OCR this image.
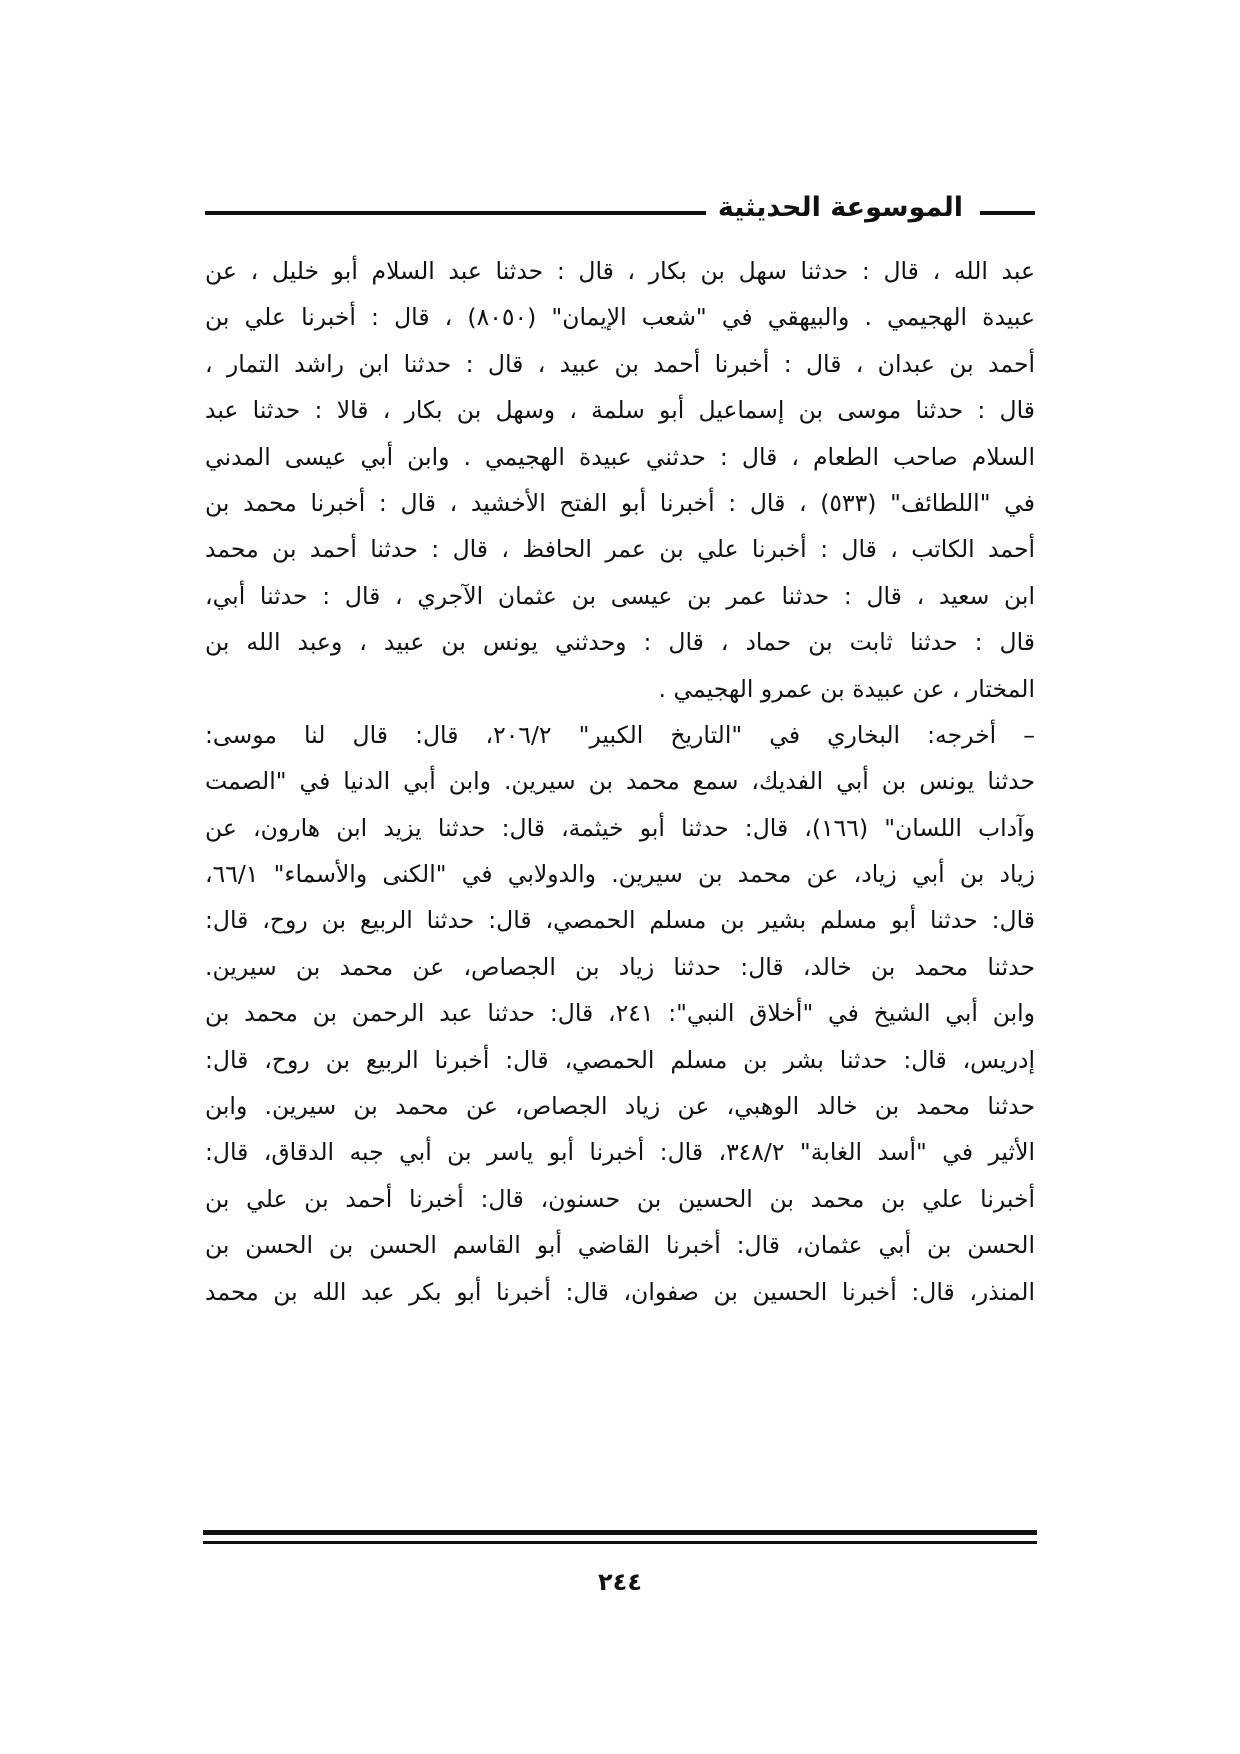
الموسوعة الحديثية
عبد الله ، قال : حدثنا سهل بن بكار ، قال : حدثنا عبد السلام أبو خليل ، عن
عبيدة الهجيمي . والبيهقي في "شعب الإيمان" (٨٠٥٠) ، قال : أخبرنا علي بن
أحمد بن عبدان ، قال : أخبرنا أحمد بن عبيد ، قال : حدثنا ابن راشد التمار ،
قال : حدثنا موسى بن إسماعيل أبو سلمة ، وسهل بن بكار ، قالا : حدثنا عبد
السلام صاحب الطعام ، قال : حدثني عبيدة الهجيمي . وابن أبي عيسى المدني
في "اللطائف" (٥٣٣) ، قال : أخبرنا أبو الفتح الأخشيد ، قال : أخبرنا محمد بن
أحمد الكاتب ، قال : أخبرنا علي بن عمر الحافظ ، قال : حدثنا أحمد بن محمد
ابن سعيد ، قال : حدثنا عمر بن عيسى بن عثمان الآجري ، قال : حدثنا أبي،
قال : حدثنا ثابت بن حماد ، قال : وحدثني يونس بن عبيد ، وعبد الله بن
المختار ، عن عبيدة بن عمرو الهجيمي .
– أخرجه: البخاري في "التاريخ الكبير" ٢٠٦/٢، قال: قال لنا موسى:
حدثنا يونس بن أبي الفديك، سمع محمد بن سيرين. وابن أبي الدنيا في "الصمت
وآداب اللسان" (١٦٦)، قال: حدثنا أبو خيثمة، قال: حدثنا يزيد ابن هارون، عن
زياد بن أبي زياد، عن محمد بن سيرين. والدولابي في "الكنى والأسماء" ٦٦/١،
قال: حدثنا أبو مسلم بشير بن مسلم الحمصي، قال: حدثنا الربيع بن روح، قال:
حدثنا محمد بن خالد، قال: حدثنا زياد بن الجصاص، عن محمد بن سيرين.
وابن أبي الشيخ في "أخلاق النبي": ٢٤١، قال: حدثنا عبد الرحمن بن محمد بن
إدريس، قال: حدثنا بشر بن مسلم الحمصي، قال: أخبرنا الربيع بن روح، قال:
حدثنا محمد بن خالد الوهبي، عن زياد الجصاص، عن محمد بن سيرين. وابن
الأثير في "أسد الغابة" ٣٤٨/٢، قال: أخبرنا أبو ياسر بن أبي جبه الدقاق، قال:
أخبرنا علي بن محمد بن الحسين بن حسنون، قال: أخبرنا أحمد بن علي بن
الحسن بن أبي عثمان، قال: أخبرنا القاضي أبو القاسم الحسن بن الحسن بن
المنذر، قال: أخبرنا الحسين بن صفوان، قال: أخبرنا أبو بكر عبد الله بن محمد
٢٤٤
